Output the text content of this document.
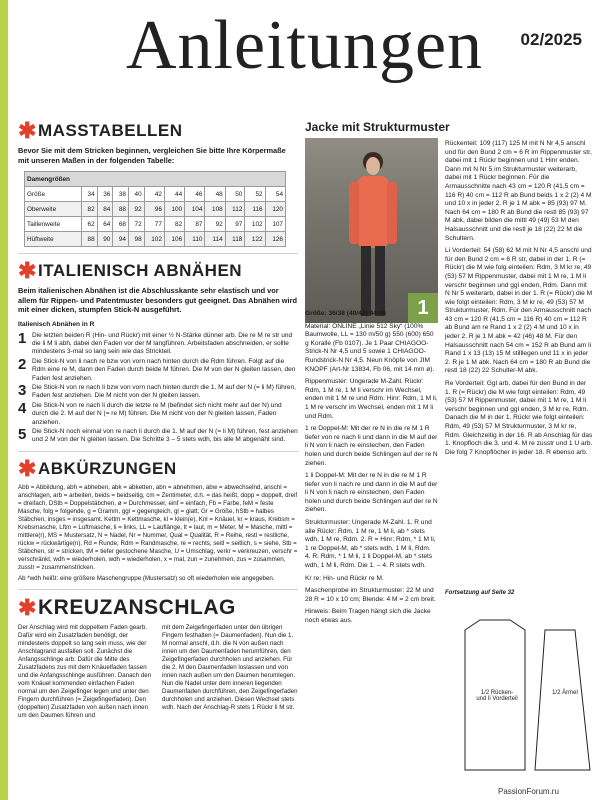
Anleitungen 02/2025
✱ MASSTABELLEN
Bevor Sie mit dem Stricken beginnen, vergleichen Sie bitte Ihre Körpermaße mit unseren Maßen in der folgenden Tabelle:
Damengrößen											
Größe	34	36	38	40	42	44	46	48	50	52	54
Oberweite	82	84	88	92	96	100	104	108	112	116	120
Taillenweite	62	64	68	72	77	82	87	92	97	102	107
Hüftweite	88	90	94	98	102	106	110	114	118	122	126
✱ ITALIENISCH ABNÄHEN
Beim italienischen Abnähen ist die Abschlusskante sehr elastisch und vor allem für Rippen- und Patentmuster besonders gut geeignet. Das Abnähen wird mit einer dicken, stumpfen Stick-N ausgeführt.
Italienisch Abnähen in R
1 Die letzten beiden R (Hin- und Rückr) mit einer ½ N-Stärke dünner arb. Die re M re str und die li M li abh, dabei den Faden vor der M langführen. Arbeitsfaden abschneiden, er sollte mindestens 3-mal so lang sein wie das Strickteil.
2 Die Stick-N von li nach re bzw von vorn nach hinten durch die Rdm führen. Folgt auf die Rdm eine re M, dann den Faden durch beide M führen. Die M von der N gleiten lassen, den Faden fest anziehen.
3 Die Stick-N von re nach li bzw von vorn nach hinten durch die 1. M auf der N (= li M) führen, Faden fest anziehen. Die M nicht von der N gleiten lassen.
4 Die Stick-N von re nach li durch die letzte re M (befindet sich nicht mehr auf der N) und durch die 2. M auf der N (= re M) führen. Die M nicht von der N gleiten lassen, Faden anziehen.
5 Die Stick-N noch einmal von re nach li durch die 1. M auf der N (= li M) führen, fest anziehen und 2 M von der N gleiten lassen. Die Schritte 3 – 5 stets wdh, bis alle M abgenäht sind.
✱ ABKÜRZUNGEN
Abb = Abbildung, abh = abheben, abk = abketten, abn = abnehmen, abw = abwechselnd, anschl = anschlagen, arb = arbeiten, beids = beidseitig, cm = Zentimeter, d.h. = das heißt, dopp = doppelt, dreif = dreifach, DStb = Doppelstäbchen, ø = Durchmesser, einf = einfach, Fb = Farbe, feM = feste Masche, folg = folgende, g = Gramm, ggl = gegengleich, gl = glatt, Gr = Größe, hStb = halbes Stäbchen, insges = insgesamt, Kettm = Kettmasche, kl = klein(e), Knl = Knäuel, kr = kraus, Krebsm = Krebsmasche, Lftm = Luftmasche, li = links, LL = Lauflänge, lt = laut, m = Meter, M = Masche, mittl = mittlere(r), MS = Mustersatz, N = Nadel, Nr = Nummer, Qual = Qualität, R = Reihe, restl = restliche, rückw = rückwärtige(n), Rd = Runde, Rdm = Randmasche, re = rechts, seitl = seitlich, s = siehe, Stb = Stäbchen, str = stricken, tM = tiefer gestochene Masche, U = Umschlag, verkr = verkreuzen, verschr = verschränkt, wdh = wiederholen, wdh = wiederholen, x = mal, zun = zunehmen, zus = zusammen, zusstr = zusammenstricken.
Ab *wdh heißt: eine größere Maschengruppe (Mustersatz) so oft wiederholen wie angegeben.
✱ KREUZANSCHLAG
Der Anschlag wird mit doppeltem Faden gearb. Dafür wird ein Zusatzfaden benötigt, der mindestens doppelt so lang sein muss, wie der Anschlagrand ausfallen soll. Zunächst die Anfangsschlinge arb. Dafür die Mitte des Zusatzfadens zus mit dem Knäuelfaden fassen und die Anfangsschlinge ausführen. Danach den vom Knäuel kommenden einfachen Faden normal um den Zeigefinger legen und unter den Fingern durchführen (= Zeigefingerfaden). Den (doppelten) Zusatzfaden von außen nach innen um den Daumen führen und
mit dem Zeigefingerfaden unter den übrigen Fingern festhalten (= Daumenfaden). Nun die 1. M normal anschl, d.h. die N von außen nach innen um den Daumenfaden herumführen, den Zeigefingerfaden durchholen und anziehen. Für die 2. M den Daumenfaden loslassen und von innen nach außen um den Daumen herumlegen. Nun die Nadel unter dem inneren liegenden Daumenfaden durchführen, den Zeigefingerfaden durchholen und anziehen. Diesen Wechsel stets wdh. Nach der Anschlag-R stets 1 Rückr li M str.
Jacke mit Strukturmuster
1
Größe: 36/38 (40/42) 44/46
Material: ONLINE „Linie 512 Sky“ (100% Baumwolle, LL = 130 m/50 g) 550 (600) 650 g Koralle (Fb 0107). Je 1 Paar CHIAGOO-Strick-N Nr 4,5 und 5 sowie 1 CHIAGOO-Rundstrick-N Nr 4,5. Neun Knöpfe von JIM KNOPF (Art-Nr 13834, Fb 06, mit 14 mm ø).
Rippenmuster: Ungerade M-Zahl. Rückr: Rdm, 1 M re, 1 M li verschr im Wechsel, enden mit 1 M re und Rdm. Hinr: Rdm, 1 M li, 1 M re verschr im Wechsel, enden mit 1 M li und Rdm.
1 re Doppel-M: Mit der re N in die re M 1 R tiefer von re nach li und dann in die M auf der li N von li nach re einstechen, den Faden holen und durch beide Schlingen auf der re N ziehen.
1 li Doppel-M: Mit der re N in die re M 1 R tiefer von li nach re und dann in die M auf der li N von li nach re einstechen, den Faden holen und durch beide Schlingen auf der re N ziehen.
Strukturmuster: Ungerade M-Zahl. 1. R und alle Rückr: Rdm, 1 M re, 1 M li, ab * stets wdh, 1 M re, Rdm. 2. R = Hinr: Rdm, * 1 M li, 1 re Doppel-M, ab * stets wdh, 1 M li, Rdm. 4. R: Rdm, * 1 M li, 1 li Doppel-M, ab * stets wdh, 1 M li, Rdm. Die 1. – 4. R stets wdh.
Kr re: Hin- und Rückr re M.
Maschenprobe im Strukturmuster: 22 M und 28 R = 10 x 10 cm; Blende: 4 M = 2 cm breit.
Hinweis: Beim Tragen hängt sich die Jacke noch etwas aus.
Rückenteil: 109 (117) 125 M mit N Nr 4,5 anschl und für den Bund 2 cm = 6 R im Rippenmuster str, dabei mit 1 Rückr beginnen und 1 Hinr enden. Dann mit N Nr 5 im Strukturmuster weiterarb, dabei mit 1 Rückr beginnen. Für die Armausschnitte nach 43 cm = 120 R (41,5 cm = 116 R) 40 cm = 112 R ab Bund beids 1 x 2 (2) 4 M und 10 x in jeder 2. R je 1 M abk = 85 (93) 97 M. Nach 64 cm = 180 R ab Bund die restl 85 (93) 97 M abk, dabei bilden die mittl 49 (49) 53 M den Halsausschnitt und die restl je 18 (22) 22 M die Schultern.
Li Vorderteil: 54 (58) 62 M mit N Nr 4,5 anschl und für den Bund 2 cm = 6 R str, dabei in der 1. R (= Rückr) die M wie folg einteilen: Rdm, 3 M kr re, 49 (53) 57 M Rippenmuster, dabei mit 1 M re, 1 M li verschr beginnen und ggl enden, Rdm. Dann mit N Nr 5 weiterarb, dabei in der 1. R (= Rückr) die M wie folgt einteilen: Rdm, 3 M kr re, 49 (53) 57 M Strukturmuster, Rdm. Für den Armausschnitt nach 43 cm = 120 R (41,5 cm = 116 R) 40 cm = 112 R ab Bund am re Rand 1 x 2 (2) 4 M und 10 x in jeder 2. R je 1 M abk = 42 (46) 48 M. Für den Halsausschnitt nach 54 cm = 152 R ab Bund am li Rand 1 x 13 (13) 15 M stilllegen und 11 x in jeder 2. R je 1 M abk. Nach 64 cm = 180 R ab Bund die restl 18 (22) 22 Schulter-M abk.
Re Vorderteil: Ggl arb, dabei für den Bund in der 1. R (= Rückr) die M wie folgt einteilen: Rdm, 49 (53) 57 M Rippenmuster, dabei mit 1 M re, 1 M li verschr beginnen und ggl enden, 3 M kr re, Rdm. Danach die M in der 1. Rückr wie folgt einteilen: Rdm, 49 (53) 57 M Strukturmuster, 3 M kr re, Rdm. Gleichzeitig in der 16. R ab Anschlag für das 1. Knopfloch die 3. und 4. M re zusstr und 1 U arb. Die folg 7 Knopflöcher in jeder 18. R ebenso arb.
Fortsetzung auf Seite 32
1/2 Rücken- und li Vorderteil
1/2 Ärmel
PassionForum.ru
